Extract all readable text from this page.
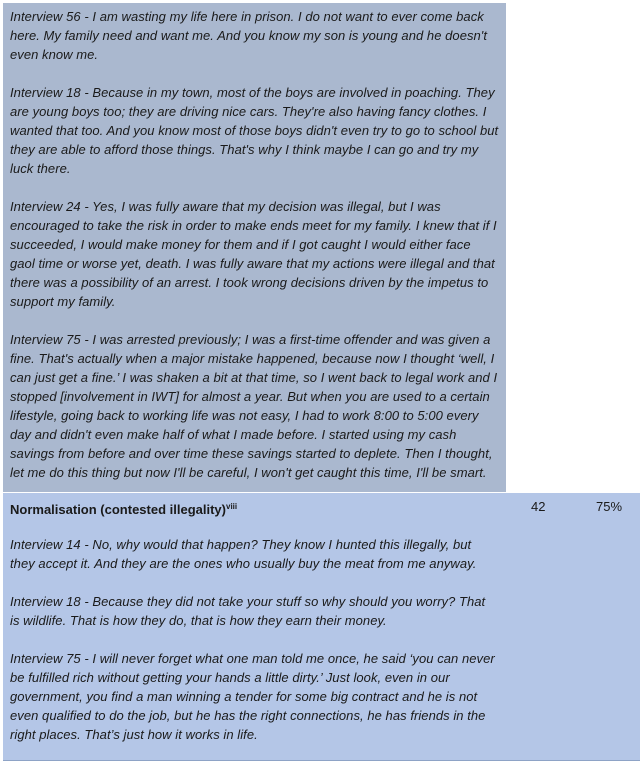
Interview 56 - I am wasting my life here in prison. I do not want to ever come back here. My family need and want me. And you know my son is young and he doesn't even know me.

Interview 18 - Because in my town, most of the boys are involved in poaching. They are young boys too; they are driving nice cars. They're also having fancy clothes. I wanted that too. And you know most of those boys didn't even try to go to school but they are able to afford those things. That's why I think maybe I can go and try my luck there.

Interview 24 - Yes, I was fully aware that my decision was illegal, but I was encouraged to take the risk in order to make ends meet for my family. I knew that if I succeeded, I would make money for them and if I got caught I would either face gaol time or worse yet, death. I was fully aware that my actions were illegal and that there was a possibility of an arrest. I took wrong decisions driven by the impetus to support my family.

Interview 75 - I was arrested previously; I was a first-time offender and was given a fine. That's actually when a major mistake happened, because now I thought ‘well, I can just get a fine.’ I was shaken a bit at that time, so I went back to legal work and I stopped [involvement in IWT] for almost a year. But when you are used to a certain lifestyle, going back to working life was not easy, I had to work 8:00 to 5:00 every day and didn't even make half of what I made before. I started using my cash savings from before and over time these savings started to deplete. Then I thought, let me do this thing but now I'll be careful, I won't get caught this time, I'll be smart.

Normalisation (contested illegality)$^{viii}$	42	75%

Interview 14 - No, why would that happen? They know I hunted this illegally, but they accept it. And they are the ones who usually buy the meat from me anyway.

Interview 18 - Because they did not take your stuff so why should you worry? That is wildlife. That is how they do, that is how they earn their money.

Interview 75 - I will never forget what one man told me once, he said ‘you can never be fulfilled rich without getting your hands a little dirty.’ Just look, even in our government, you find a man winning a tender for some big contract and he is not even qualified to do the job, but he has the right connections, he has friends in the right places. That’s just how it works in life.
